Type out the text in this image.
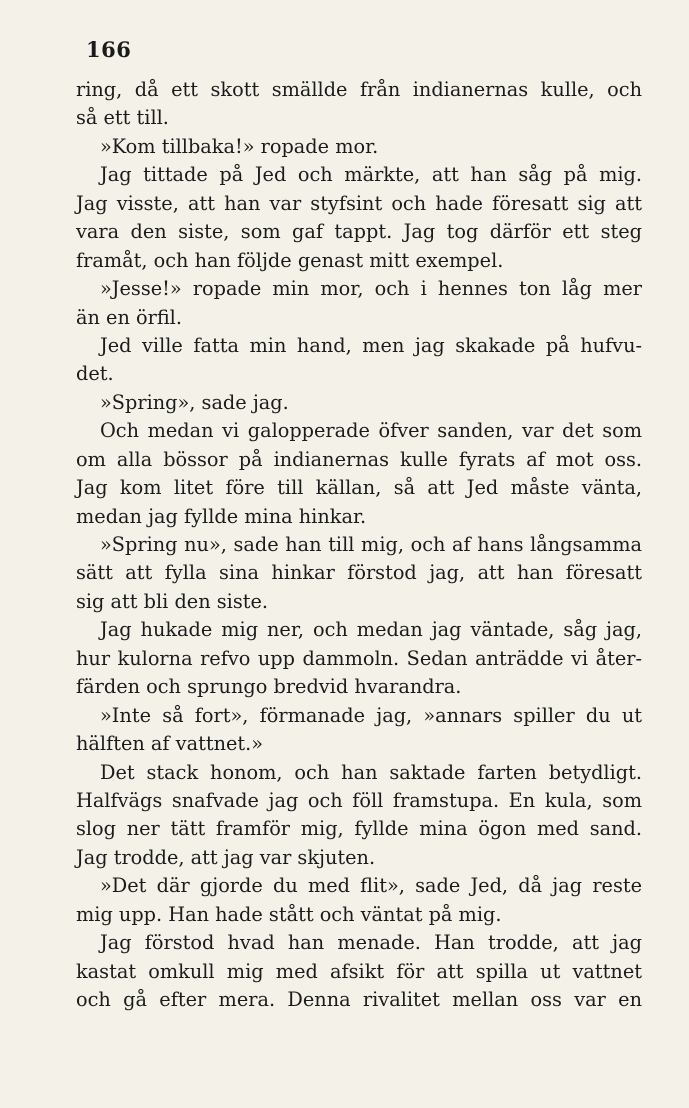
166
ring, då ett skott smällde från indianernas kulle, och
så ett till.
»Kom tillbaka!» ropade mor.
Jag tittade på Jed och märkte, att han såg på mig.
Jag visste, att han var styfsint och hade föresatt sig att
vara den siste, som gaf tappt. Jag tog därför ett steg
framåt, och han följde genast mitt exempel.
»Jesse!» ropade min mor, och i hennes ton låg mer
än en örfil.
Jed ville fatta min hand, men jag skakade på hufvu-
det.
»Spring», sade jag.
Och medan vi galopperade öfver sanden, var det som
om alla bössor på indianernas kulle fyrats af mot oss.
Jag kom litet före till källan, så att Jed måste vänta,
medan jag fyllde mina hinkar.
»Spring nu», sade han till mig, och af hans långsamma
sätt att fylla sina hinkar förstod jag, att han föresatt
sig att bli den siste.
Jag hukade mig ner, och medan jag väntade, såg jag,
hur kulorna refvo upp dammoln. Sedan anträdde vi åter-
färden och sprungo bredvid hvarandra.
»Inte så fort», förmanade jag, »annars spiller du ut
hälften af vattnet.»
Det stack honom, och han saktade farten betydligt.
Halfvägs snafvade jag och föll framstupa. En kula, som
slog ner tätt framför mig, fyllde mina ögon med sand.
Jag trodde, att jag var skjuten.
»Det där gjorde du med flit», sade Jed, då jag reste
mig upp. Han hade stått och väntat på mig.
Jag förstod hvad han menade. Han trodde, att jag
kastat omkull mig med afsikt för att spilla ut vattnet
och gå efter mera. Denna rivalitet mellan oss var en
